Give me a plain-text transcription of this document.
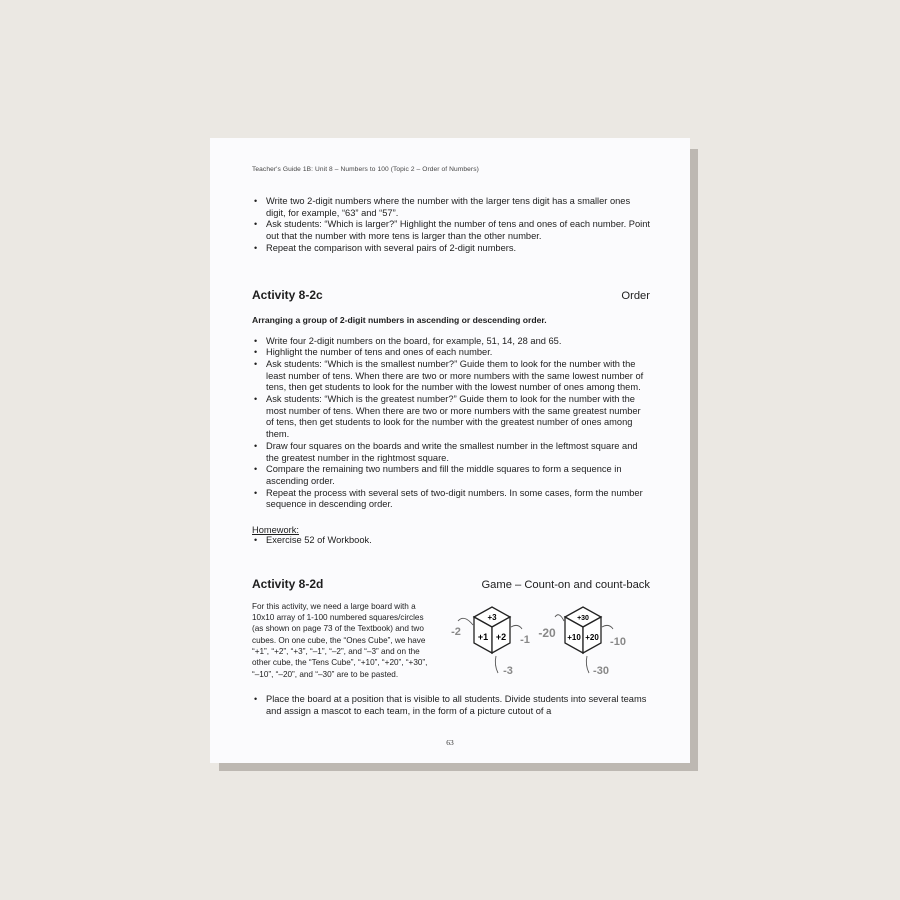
Teacher's Guide 1B: Unit 8 – Numbers to 100 (Topic 2 – Order of Numbers)
• Write two 2-digit numbers where the number with the larger tens digit has a smaller ones digit, for example, “63” and “57”.
• Ask students: “Which is larger?” Highlight the number of tens and ones of each number. Point out that the number with more tens is larger than the other number.
• Repeat the comparison with several pairs of 2-digit numbers.
Activity 8-2c	Order
Arranging a group of 2-digit numbers in ascending or descending order.
• Write four 2-digit numbers on the board, for example, 51, 14, 28 and 65.
• Highlight the number of tens and ones of each number.
• Ask students: “Which is the smallest number?” Guide them to look for the number with the least number of tens. When there are two or more numbers with the same lowest number of tens, then get students to look for the number with the lowest number of ones among them.
• Ask students: “Which is the greatest number?” Guide them to look for the number with the most number of tens. When there are two or more numbers with the same greatest number of tens, then get students to look for the number with the greatest number of ones among them.
• Draw four squares on the boards and write the smallest number in the leftmost square and the greatest number in the rightmost square.
• Compare the remaining two numbers and fill the middle squares to form a sequence in ascending order.
• Repeat the process with several sets of two-digit numbers. In some cases, form the number sequence in descending order.
Homework:
• Exercise 52 of Workbook.
Activity 8-2d	Game – Count-on and count-back
For this activity, we need a large board with a 10x10 array of 1-100 numbered squares/circles (as shown on page 73 of the Textbook) and two cubes. On one cube, the “Ones Cube”, we have “+1”, “+2”, “+3”, “–1”, “–2”, and “–3” and on the other cube, the “Tens Cube”, “+10”, “+20”, “+30”, “–10”, “–20”, and “–30” are to be pasted.
+3
+1 +2
-2
-1
-3
+30
+10 +20
-20
-10
-30
• Place the board at a position that is visible to all students. Divide students into several teams and assign a mascot to each team, in the form of a picture cutout of a
63
